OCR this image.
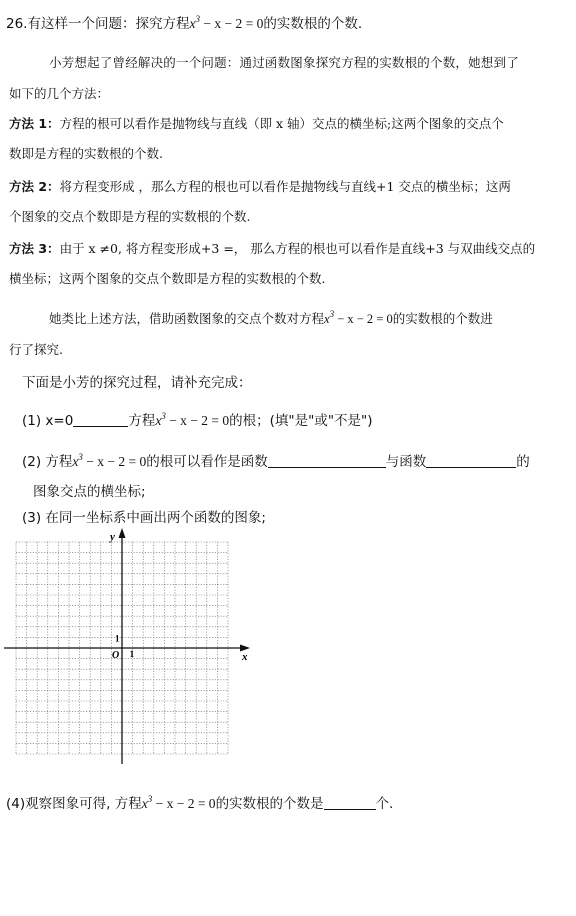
26.有这样一个问题：探究方程$x^3 - x - 2 = 0$的实数根的个数.
小芳想起了曾经解决的一个问题：通过函数图象探究方程的实数根的个数，她想到了
如下的几个方法：
方法 1：方程的根可以看作是抛物线与直线（即 x 轴）交点的横坐标;这两个图象的交点个
数即是方程的实数根的个数.
方法 2：将方程变形成 ，那么方程的根也可以看作是抛物线与直线+1 交点的横坐标；这两
个图象的交点个数即是方程的实数根的个数.
方法 3：由于 x ≠0, 将方程变形成+3 =， 那么方程的根也可以看作是直线+3 与双曲线交点的
横坐标；这两个图象的交点个数即是方程的实数根的个数.
她类比上述方法，借助函数图象的交点个数对方程$x^3 - x - 2 = 0$的实数根的个数进
行了探究.
下面是小芳的探究过程，请补充完成：
(1) x=0	方程$x^3 - x - 2 = 0$的根；(填"是"或"不是")
(2) 方程$x^3 - x - 2 = 0$的根可以看作是函数	与函数	的
图象交点的横坐标;
(3) 在同一坐标系中画出两个函数的图象;
y
x
O 1
1
(4)观察图象可得, 方程$x^3 - x - 2 = 0$的实数根的个数是	个.
